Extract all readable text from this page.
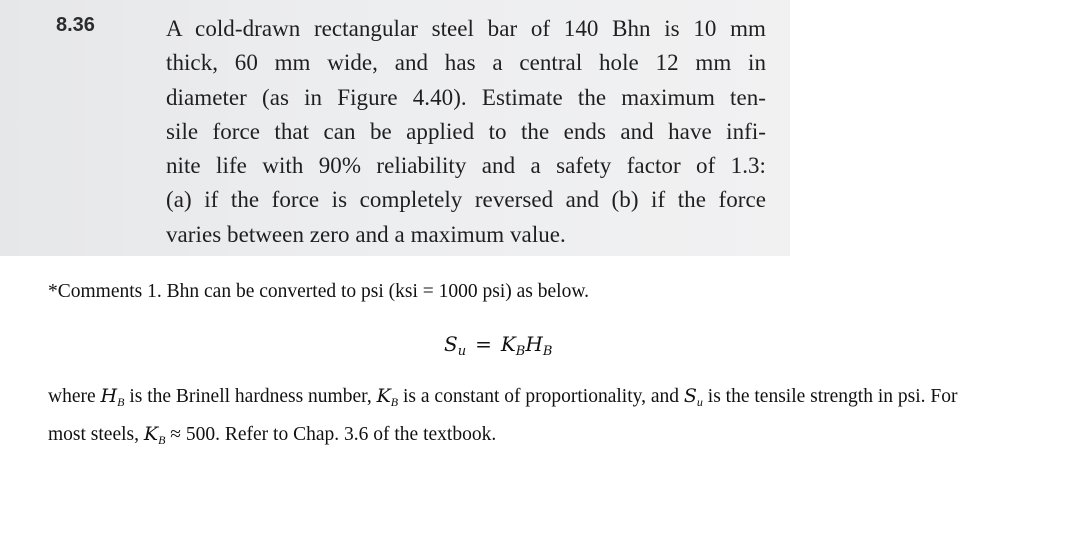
8.36	A cold-drawn rectangular steel bar of 140 Bhn is 10 mm
thick, 60 mm wide, and has a central hole 12 mm in
diameter (as in Figure 4.40). Estimate the maximum ten-
sile force that can be applied to the ends and have infi-
nite life with 90% reliability and a safety factor of 1.3:
(a) if the force is completely reversed and (b) if the force
varies between zero and a maximum value.

*Comments 1. Bhn can be converted to psi (ksi = 1000 psi) as below.

$S_u = K_BH_B$

where $H_B$ is the Brinell hardness number, $K_B$ is a constant of proportionality, and $S_u$ is the tensile strength in psi. For most steels, $K_B \approx 500$. Refer to Chap. 3.6 of the textbook.
